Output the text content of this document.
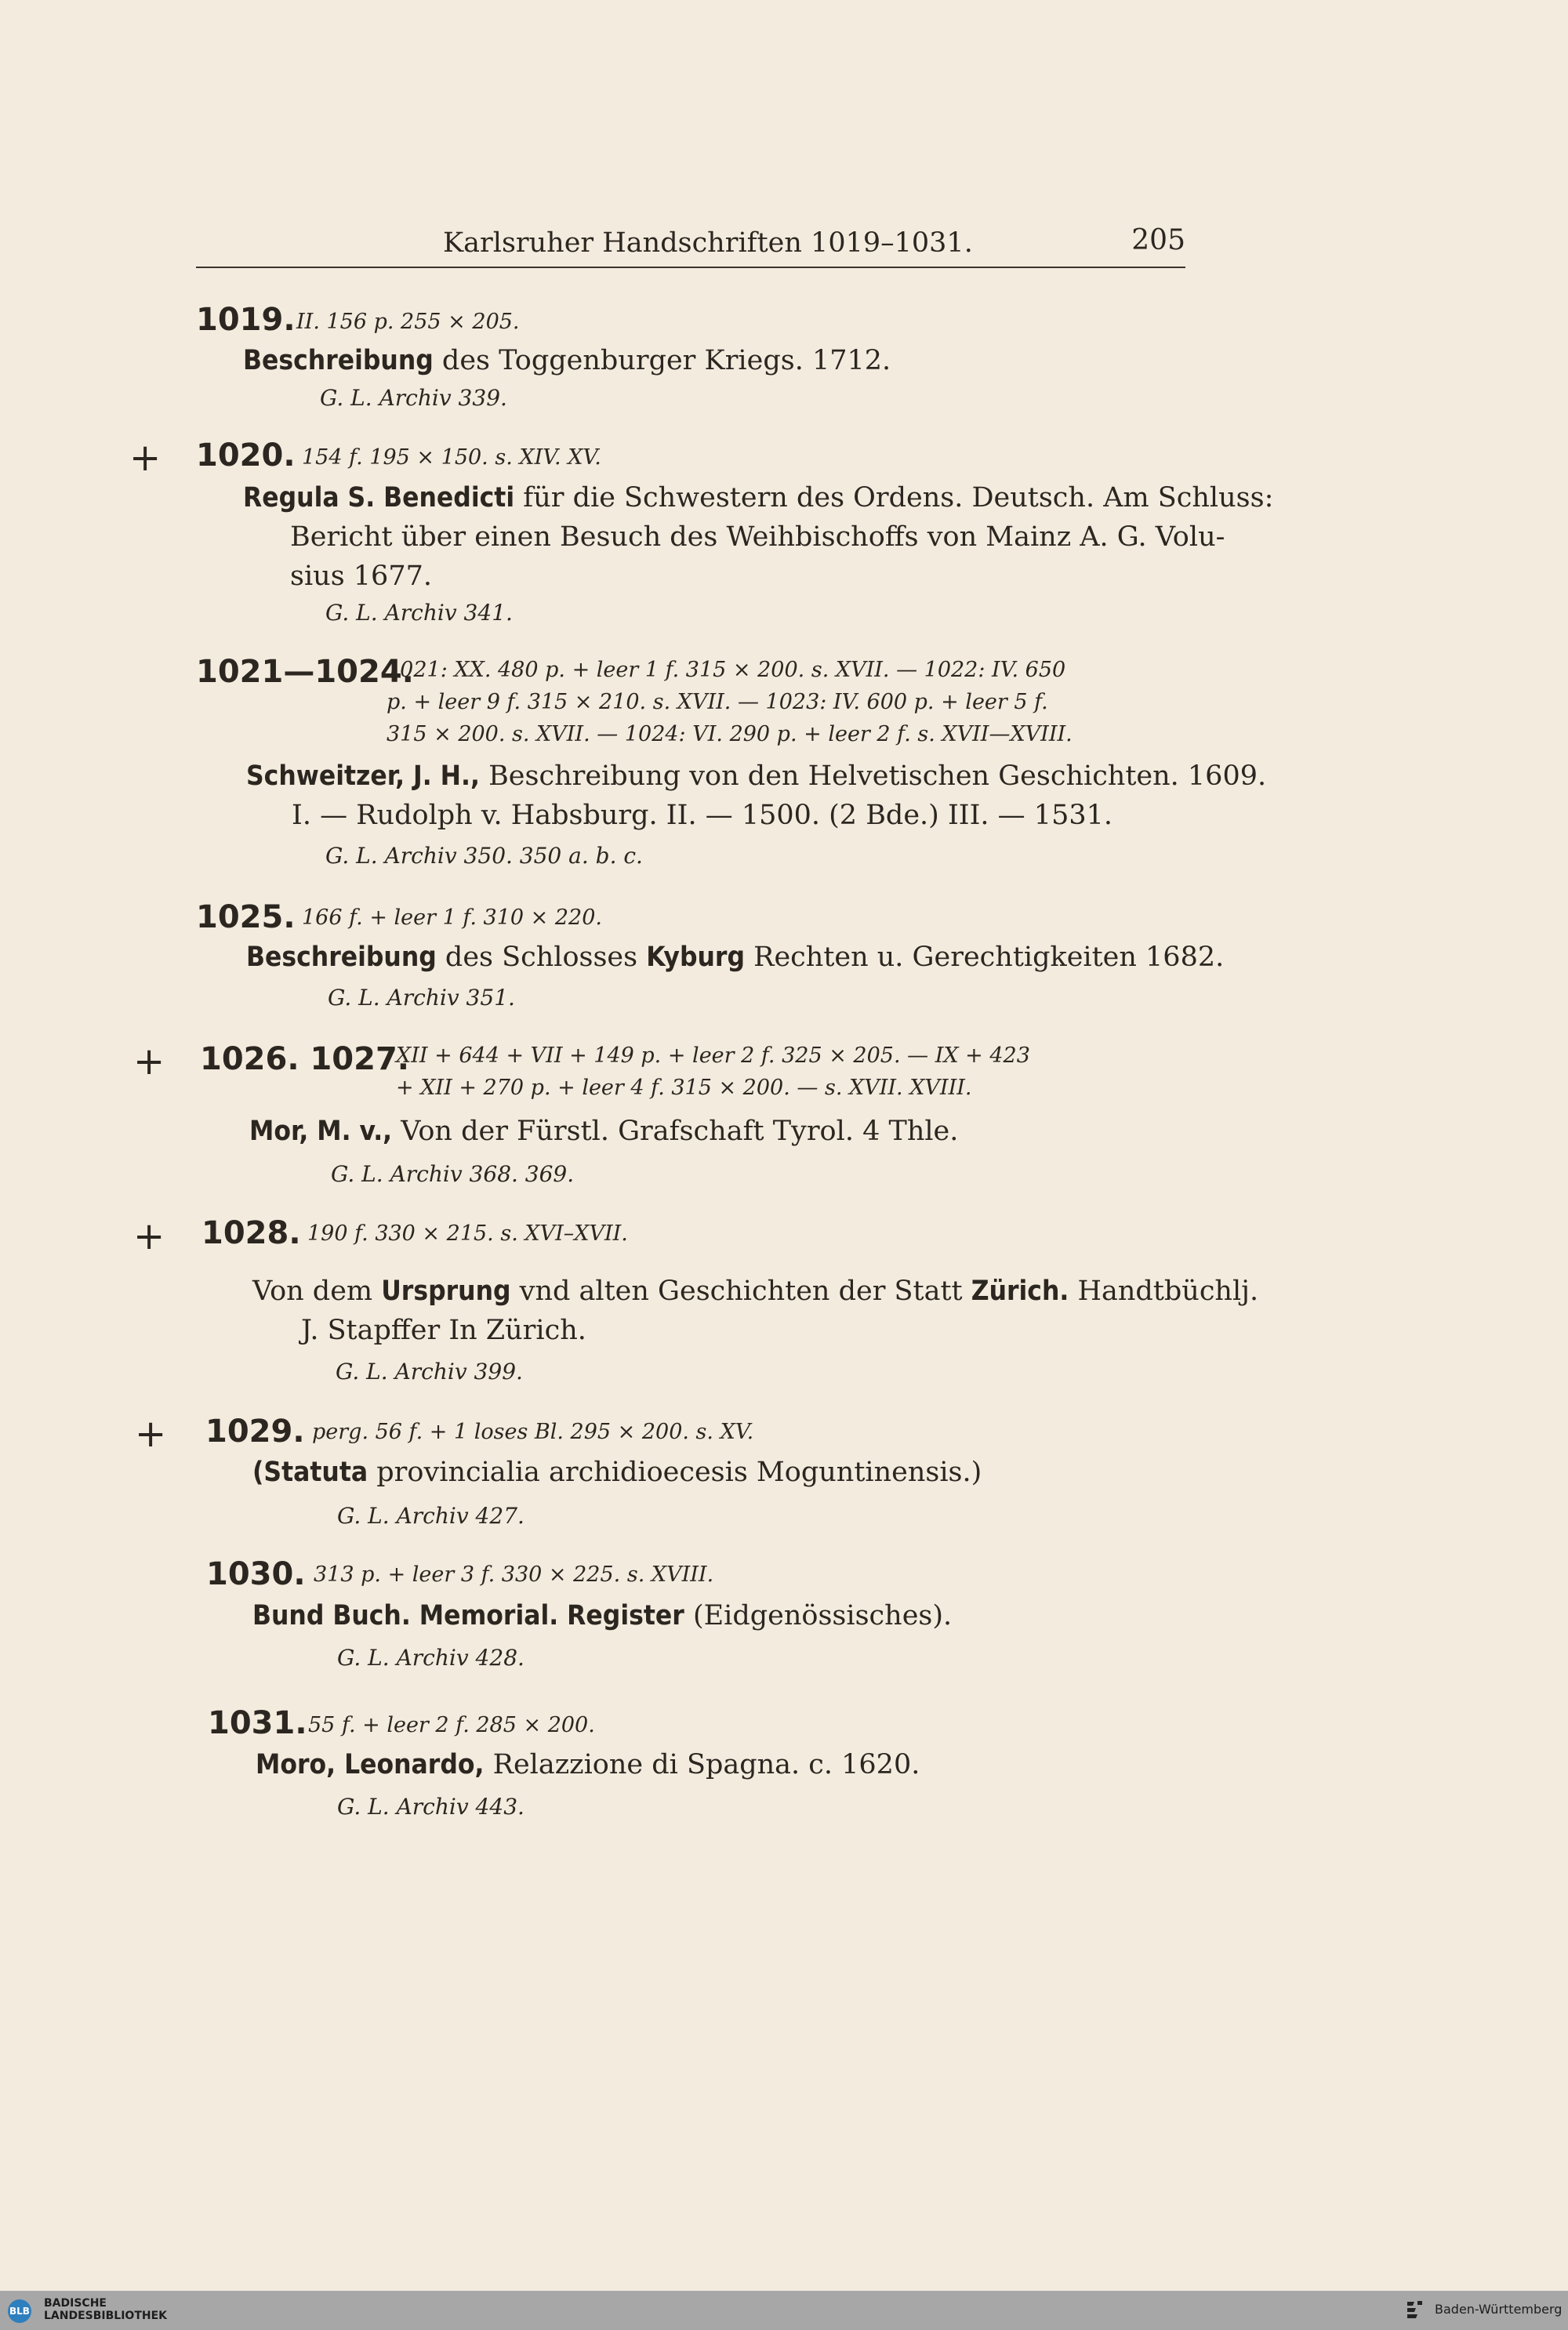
Karlsruher Handschriften 1019–1031.	205
1019. II. 156 p. 255 ⨯ 205.
Beschreibung des Toggenburger Kriegs. 1712.
G. L. Archiv 339.
+ 1020. 154 f. 195 ⨯ 150. s. XIV. XV.
Regula S. Benedicti für die Schwestern des Ordens. Deutsch. Am Schluss:
Bericht über einen Besuch des Weihbischoffs von Mainz A. G. Volu-
sius 1677.
G. L. Archiv 341.
1021—1024.
1021: XX. 480 p. + leer 1 f. 315 ⨯ 200. s. XVII. — 1022: IV. 650
p. + leer 9 f. 315 ⨯ 210. s. XVII. — 1023: IV. 600 p. + leer 5 f.
315 ⨯ 200. s. XVII. — 1024: VI. 290 p. + leer 2 f. s. XVII—XVIII.
Schweitzer, J. H., Beschreibung von den Helvetischen Geschichten. 1609.
I. — Rudolph v. Habsburg. II. — 1500. (2 Bde.) III. — 1531.
G. L. Archiv 350. 350 a. b. c.
1025. 166 f. + leer 1 f. 310 ⨯ 220.
Beschreibung des Schlosses Kyburg Rechten u. Gerechtigkeiten 1682.
G. L. Archiv 351.
+ 1026. 1027.
XII + 644 + VII + 149 p. + leer 2 f. 325 ⨯ 205. — IX + 423
+ XII + 270 p. + leer 4 f. 315 ⨯ 200. — s. XVII. XVIII.
Mor, M. v., Von der Fürstl. Grafschaft Tyrol. 4 Thle.
G. L. Archiv 368. 369.
+ 1028. 190 f. 330 ⨯ 215. s. XVI–XVII.
Von dem Ursprung vnd alten Geschichten der Statt Zürich. Handtbüchlj.
J. Stapffer In Zürich.
G. L. Archiv 399.
+ 1029. perg. 56 f. + 1 loses Bl. 295 ⨯ 200. s. XV.
(Statuta provincialia archidioecesis Moguntinensis.)
G. L. Archiv 427.
1030. 313 p. + leer 3 f. 330 ⨯ 225. s. XVIII.
Bund Buch. Memorial. Register (Eidgenössisches).
G. L. Archiv 428.
1031. 55 f. + leer 2 f. 285 ⨯ 200.
Moro, Leonardo, Relazzione di Spagna. c. 1620.
G. L. Archiv 443.
BLB
BADISCHE
LANDESBIBLIOTHEK	Baden-Württemberg
